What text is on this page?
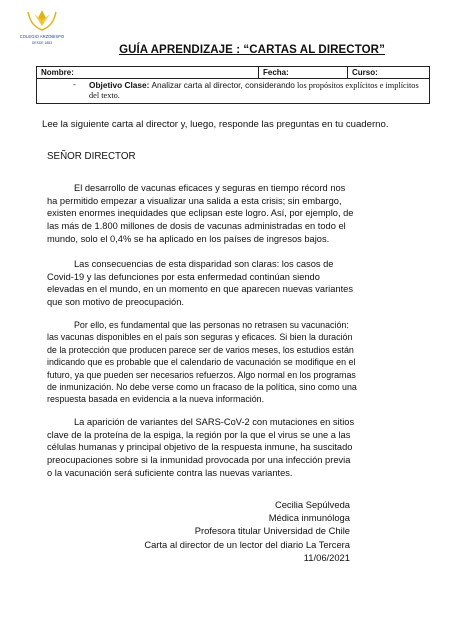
COLEGIO ARZOBISPO
DESDE 1883
GUÍA APRENDIZAJE : “CARTAS AL DIRECTOR”
Nombre:	Fecha:	Curso:
-	Objetivo Clase: Analizar carta al director, considerando los propósitos explícitos e implícitos del texto.
Lee la siguiente carta al director y, luego, responde las preguntas en tu cuaderno.
SEÑOR DIRECTOR

El desarrollo de vacunas eficaces y seguras en tiempo récord nos ha permitido empezar a visualizar una salida a esta crisis; sin embargo, existen enormes inequidades que eclipsan este logro. Así, por ejemplo, de las más de 1.800 millones de dosis de vacunas administradas en todo el mundo, solo el 0,4% se ha aplicado en los países de ingresos bajos.

Las consecuencias de esta disparidad son claras: los casos de Covid-19 y las defunciones por esta enfermedad continúan siendo elevadas en el mundo, en un momento en que aparecen nuevas variantes que son motivo de preocupación.

Por ello, es fundamental que las personas no retrasen su vacunación: las vacunas disponibles en el país son seguras y eficaces. Si bien la duración de la protección que producen parece ser de varios meses, los estudios están indicando que es probable que el calendario de vacunación se modifique en el futuro, ya que pueden ser necesarios refuerzos. Algo normal en los programas de inmunización. No debe verse como un fracaso de la política, sino como una respuesta basada en evidencia a la nueva información.

La aparición de variantes del SARS-CoV-2 con mutaciones en sitios clave de la proteína de la espiga, la región por la que el virus se une a las células humanas y principal objetivo de la respuesta inmune, ha suscitado preocupaciones sobre si la inmunidad provocada por una infección previa o la vacunación será suficiente contra las nuevas variantes.

Cecilia Sepúlveda
Médica inmunóloga
Profesora titular Universidad de Chile
Carta al director de un lector del diario La Tercera
11/06/2021
